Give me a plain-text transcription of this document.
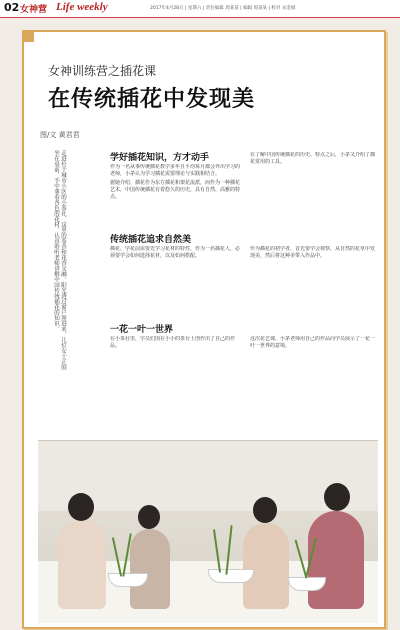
02 女神营 Life weekly	2017年4月28日 | 星期六 | 责任编辑 周某某 | 编辑 周某某 | 校对 宋金斌
女神训练营之插花课
在传统插花中发现美
图/文 黄君君
走进位于城市小区的小茶社，这里的茶香和花香交融。阳光透过窗户照进来，几位女士正围坐在桌前，手中拿着各色的花材，认真聆听老师讲解中国传统插花的知识。	学好插花知识，方才动手

作为一名从事传统插花教学多年且平均每月都会外出学习的老师，小茅认为学习插花需要理论与实践相结合。

据她介绍，插花作为东方插花和架花流派，而作为一种插花艺术，中国传统插花有着悠久的历史，具有自然、高雅的特点。

在了解中国传统插花的历史、特点之后，小茅又介绍了插花常用的工具。

传统插花追求自然美

插花、学花前需要先学习花材的特性，作为一名插花人，必须要学会如何选择花材，以及如何搭配。

作为插花的初学者，首先要学会观察，从自然的花草中发现美，然后将这种美带入作品中。

一花一叶一世界

在小茶社里，学员们围在小小的茶台上创作出了自己的作品。

这次花艺课，小茅老师用自己的作品向学员展示了一花一叶一世界的意境。
